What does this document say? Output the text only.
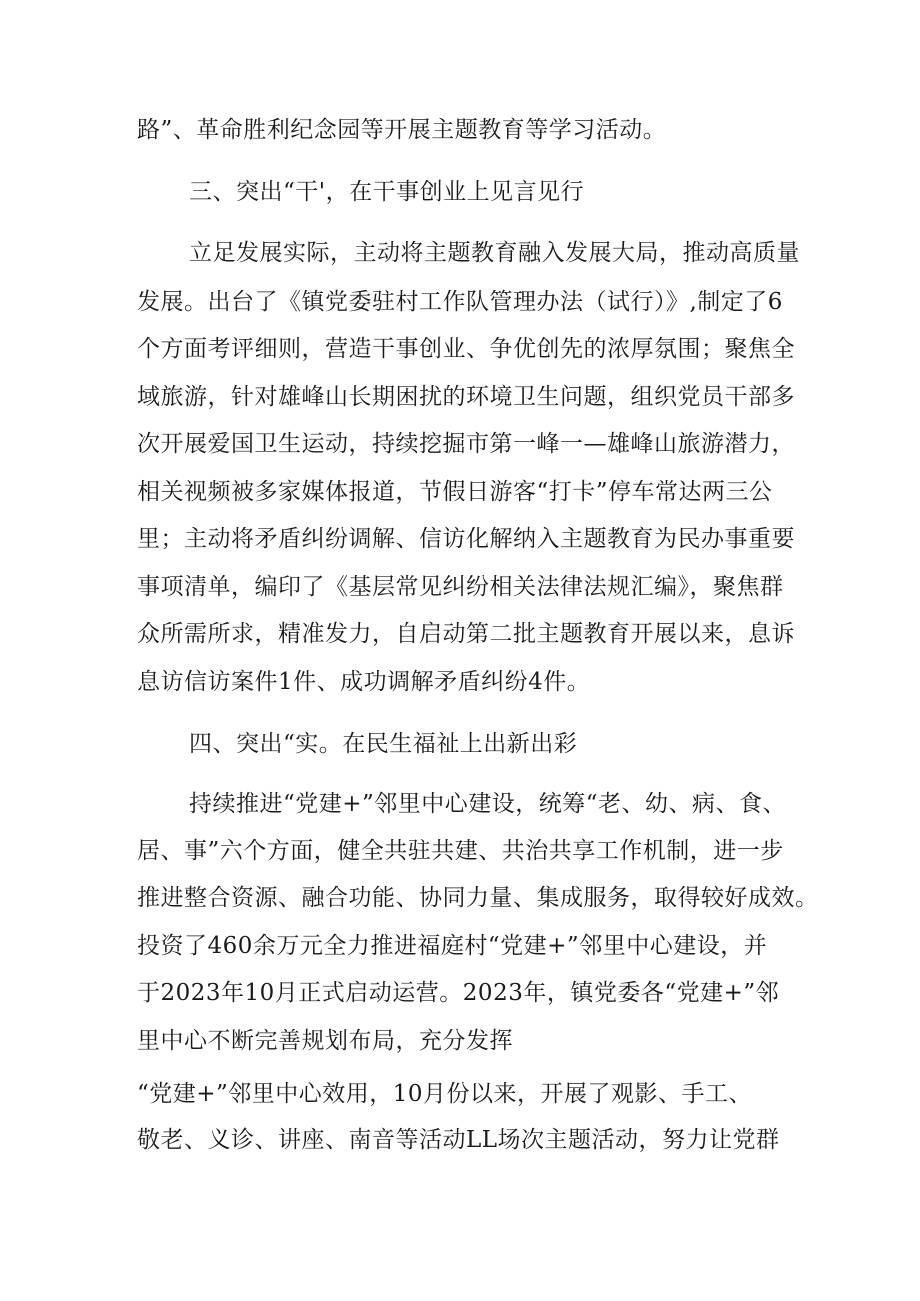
路”、革命胜利纪念园等开展主题教育等学习活动。
三、突出“干'，在干事创业上见言见行
立足发展实际，主动将主题教育融入发展大局，推动高质量
发展。出台了《镇党委驻村工作队管理办法（试行）》,制定了6
个方面考评细则，营造干事创业、争优创先的浓厚氛围；聚焦全
域旅游，针对雄峰山长期困扰的环境卫生问题，组织党员干部多
次开展爱国卫生运动，持续挖掘市第一峰一—雄峰山旅游潜力，
相关视频被多家媒体报道，节假日游客“打卡”停车常达两三公
里；主动将矛盾纠纷调解、信访化解纳入主题教育为民办事重要
事项清单，编印了《基层常见纠纷相关法律法规汇编》，聚焦群
众所需所求，精准发力，自启动第二批主题教育开展以来，息诉
息访信访案件1件、成功调解矛盾纠纷4件。
四、突出“实。在民生福祉上出新出彩
持续推进“党建+”邻里中心建设，统筹“老、幼、病、食、
居、事”六个方面，健全共驻共建、共治共享工作机制，进一步
推进整合资源、融合功能、协同力量、集成服务，取得较好成效。
投资了460余万元全力推进福庭村“党建+”邻里中心建设，并
于2023年10月正式启动运营。2023年，镇党委各“党建+”邻
里中心不断完善规划布局，充分发挥
“党建+”邻里中心效用，10月份以来，开展了观影、手工、
敬老、义诊、讲座、南音等活动LL场次主题活动，努力让党群
